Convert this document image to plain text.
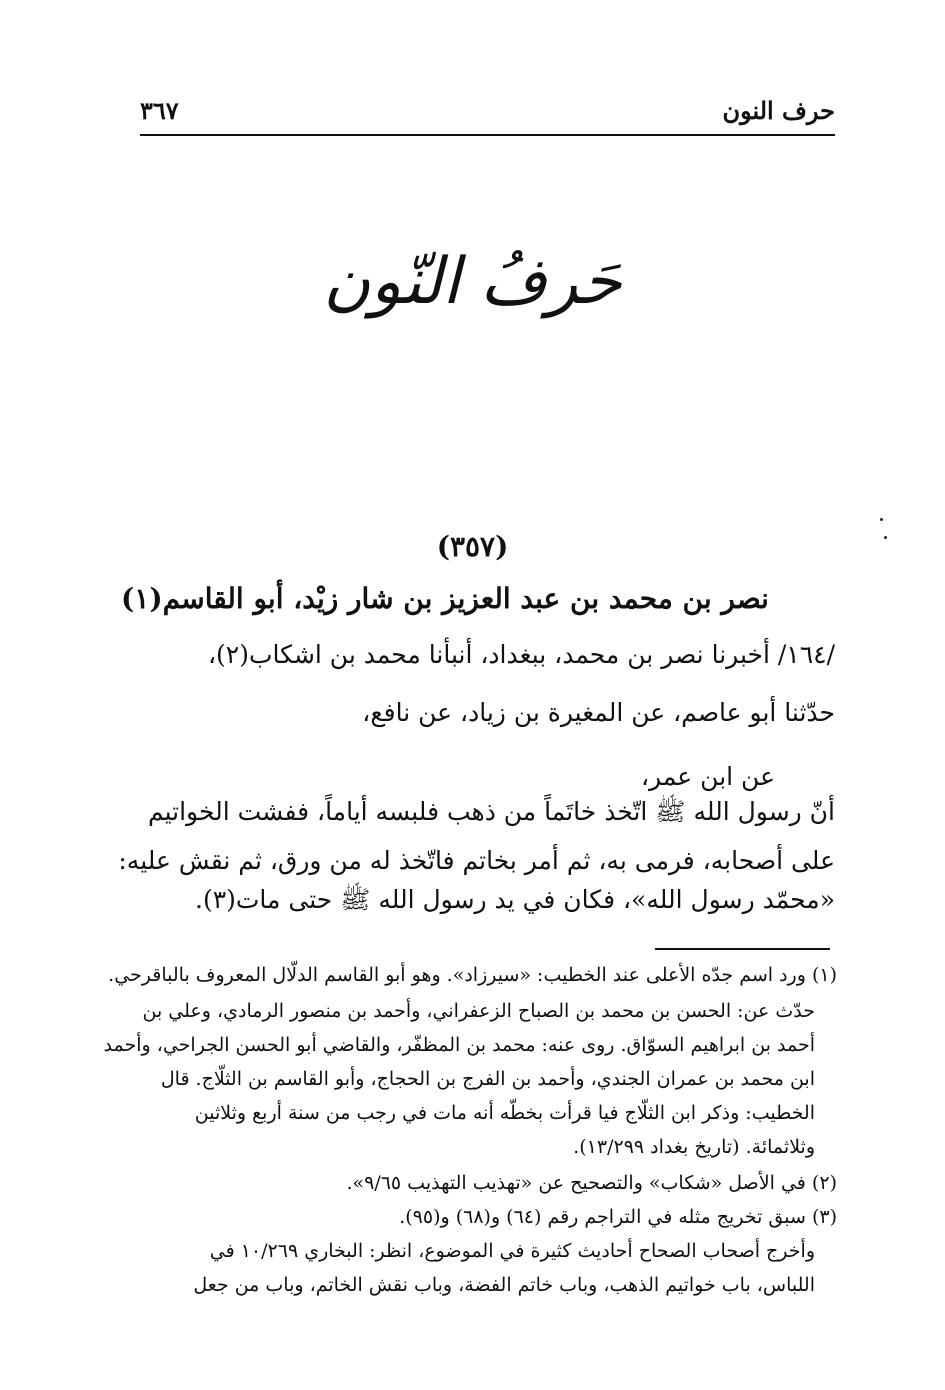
حرف النون
٣٦٧
حَرفُ النّون
(٣٥٧)
نصر بن محمد بن عبد العزيز بن شار زيْد، أبو القاسم(١)
/١٦٤/ أخبرنا نصر بن محمد، ببغداد، أنبأنا محمد بن اشكاب(٢)،
حدّثنا أبو عاصم، عن المغيرة بن زياد، عن نافع،
عن ابن عمر،
أنّ رسول الله ﷺ اتّخذ خاتَماً من ذهب فلبسه أياماً، ففشت الخواتيم
على أصحابه، فرمى به، ثم أمر بخاتم فاتّخذ له من ورق، ثم نقش عليه:
«محمّد رسول الله»، فكان في يد رسول الله ﷺ حتى مات(٣).
(١) ورد اسم جدّه الأعلى عند الخطيب: «سيرزاد». وهو أبو القاسم الدلّال المعروف بالباقرحي.
حدّث عن: الحسن بن محمد بن الصباح الزعفراني، وأحمد بن منصور الرمادي، وعلي بن
أحمد بن ابراهيم السوّاق. روى عنه: محمد بن المظفّر، والقاضي أبو الحسن الجراحي، وأحمد
ابن محمد بن عمران الجندي، وأحمد بن الفرج بن الحجاج، وأبو القاسم بن الثلّاج. قال
الخطيب: وذكر ابن الثلّاج فيا قرأت بخطّه أنه مات في رجب من سنة أربع وثلاثين
وثلاثمائة. (تاريخ بغداد ١٣/٢٩٩).
(٢) في الأصل «شكاب» والتصحيح عن «تهذيب التهذيب ٩/٦٥».
(٣) سبق تخريج مثله في التراجم رقم (٦٤) و(٦٨) و(٩٥).
وأخرج أصحاب الصحاح أحاديث كثيرة في الموضوع، انظر: البخاري ١٠/٢٦٩ في
اللباس، باب خواتيم الذهب، وباب خاتم الفضة، وباب نقش الخاتم، وباب من جعل
